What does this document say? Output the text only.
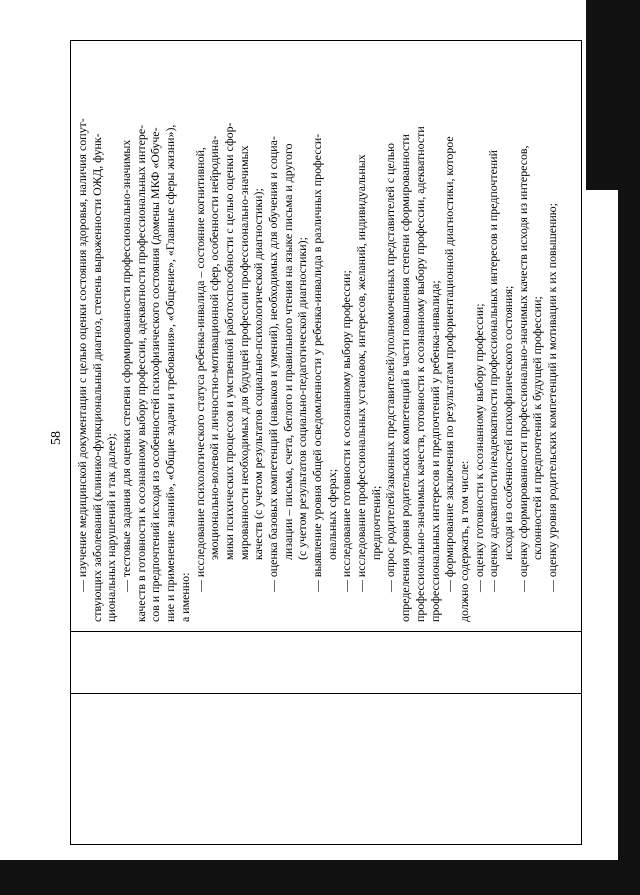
58 — изучение медицинской документации с целью оценки состояния здоровья, наличия сопут- ствующих заболеваний (клинико-функциональный диагноз, степень выраженности ОЖД, функ- циональных нарушений и так далее); — тестовые задания для оценки степени сформированности профессионально-значимых качеств в готовности к осознанному выбору профессии, адекватности профессиональных интере- сов и предпочтений исходя из особенностей психофизического состояния (домены МКФ «Обуче- ние и применение знаний», «Общие задачи и требования», «Общение», «Главные сферы жизни»), а именно:
— исследование психологического статуса ребенка-инвалида – состояние когнитивной, эмоционально-волевой и личностно-мотивационной сфер, особенности нейродина- мики психических процессов и умственной работоспособности с целью оценки сфор- мированности необходимых для будущей профессии профессионально-значимых качеств (с учетом результатов социально-психологической диагностики); — оценка базовых компетенций (навыков и умений), необходимых для обучения и социа- лизации – письма, счета, беглого и правильного чтения на языке письма и другого (с учетом результатов социально-педагогической диагностики); — выявление уровня общей осведомленности у ребенка-инвалида в различных професси- ональных сферах; — исследование готовности к осознанному выбору профессии; — исследование профессиональных установок, интересов, желаний, индивидуальных предпочтений; — опрос родителей/законных представителей/уполномоченных представителей с целью определения уровня родительских компетенций в части повышения степени сформированности профессионально-значимых качеств, готовности к осознанному выбору профессии, адекватности профессиональных интересов и предпочтений у ребенка-инвалида; — формирование заключения по результатам профориентационной диагностики, которое должно содержать, в том числе: — оценку готовности к осознанному выбору профессии; — оценку адекватности/неадекватности профессиональных интересов и предпочтений исходя из особенностей психофизического состояния; — оценку сформированности профессионально-значимых качеств исходя из интересов, склонностей и предпочтений к будущей профессии; — оценку уровня родительских компетенций и мотивации к их повышению;
